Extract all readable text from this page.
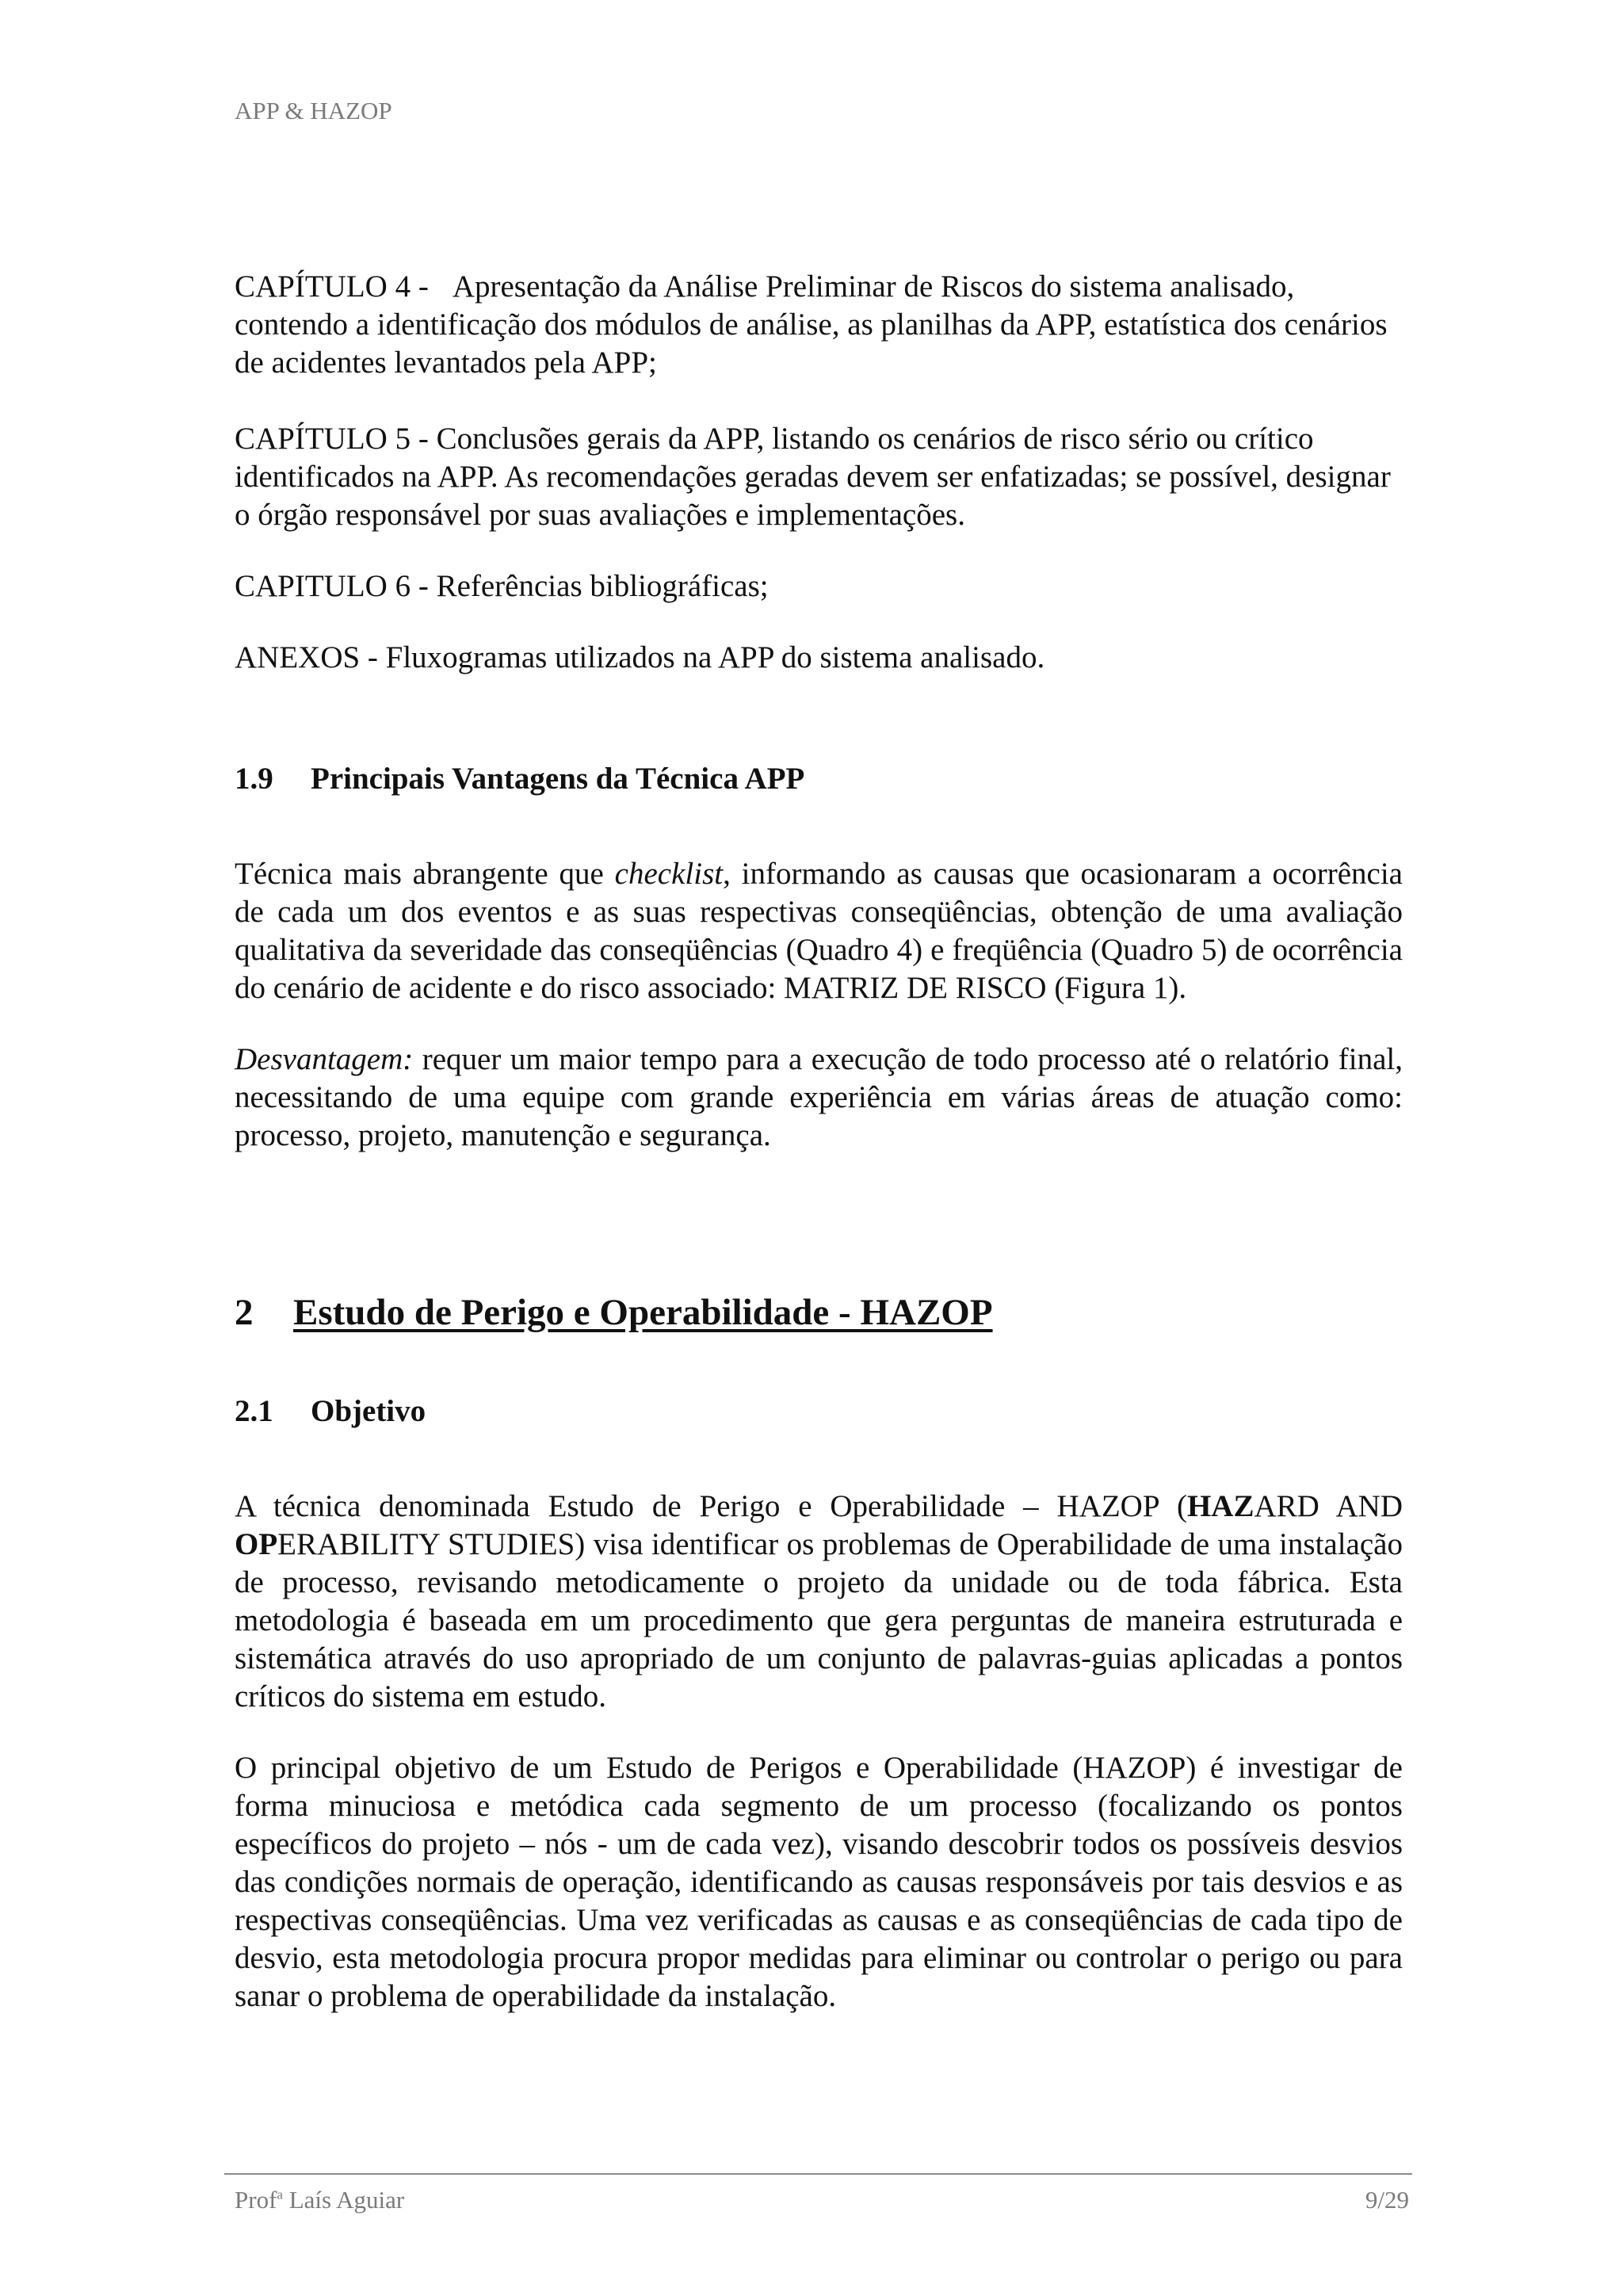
APP & HAZOP

CAPÍTULO 4 - Apresentação da Análise Preliminar de Riscos do sistema analisado, contendo a identificação dos módulos de análise, as planilhas da APP, estatística dos cenários de acidentes levantados pela APP;

CAPÍTULO 5 - Conclusões gerais da APP, listando os cenários de risco sério ou crítico identificados na APP. As recomendações geradas devem ser enfatizadas; se possível, designar o órgão responsável por suas avaliações e implementações.

CAPITULO 6 - Referências bibliográficas;

ANEXOS - Fluxogramas utilizados na APP do sistema analisado.

1.9	Principais Vantagens da Técnica APP

Técnica mais abrangente que checklist, informando as causas que ocasionaram a ocorrência de cada um dos eventos e as suas respectivas conseqüências, obtenção de uma avaliação qualitativa da severidade das conseqüências (Quadro 4) e freqüência (Quadro 5) de ocorrência do cenário de acidente e do risco associado: MATRIZ DE RISCO (Figura 1).

Desvantagem: requer um maior tempo para a execução de todo processo até o relatório final, necessitando de uma equipe com grande experiência em várias áreas de atuação como: processo, projeto, manutenção e segurança.

2	Estudo de Perigo e Operabilidade - HAZOP

2.1	Objetivo

A técnica denominada Estudo de Perigo e Operabilidade – HAZOP (HAZARD AND OPERABILITY STUDIES) visa identificar os problemas de Operabilidade de uma instalação de processo, revisando metodicamente o projeto da unidade ou de toda fábrica. Esta metodologia é baseada em um procedimento que gera perguntas de maneira estruturada e sistemática através do uso apropriado de um conjunto de palavras-guias aplicadas a pontos críticos do sistema em estudo.

O principal objetivo de um Estudo de Perigos e Operabilidade (HAZOP) é investigar de forma minuciosa e metódica cada segmento de um processo (focalizando os pontos específicos do projeto – nós - um de cada vez), visando descobrir todos os possíveis desvios das condições normais de operação, identificando as causas responsáveis por tais desvios e as respectivas conseqüências. Uma vez verificadas as causas e as conseqüências de cada tipo de desvio, esta metodologia procura propor medidas para eliminar ou controlar o perigo ou para sanar o problema de operabilidade da instalação.

Prof$^a$ Laís Aguiar	9/29
